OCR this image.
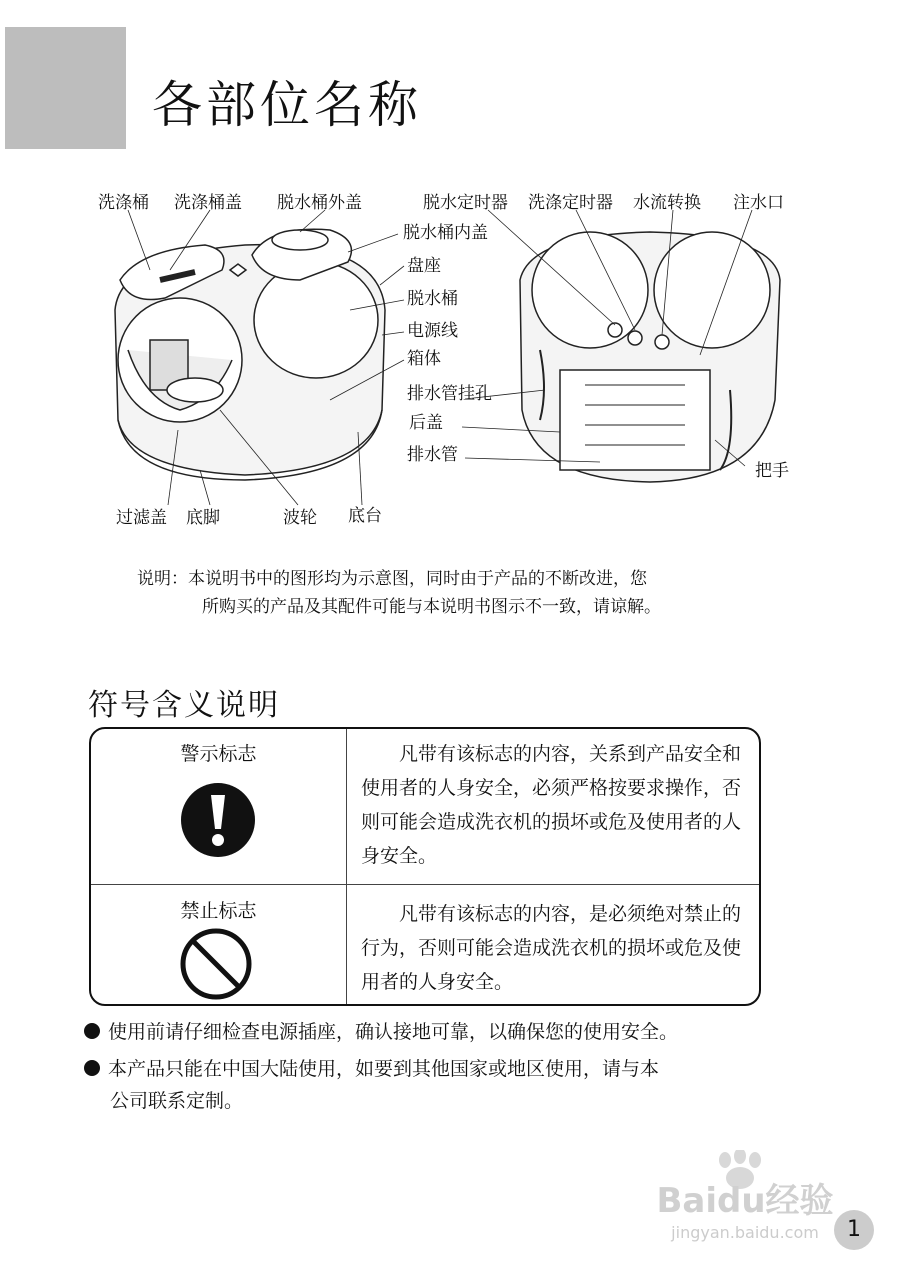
各部位名称
洗涤桶 洗涤桶盖 脱水桶外盖
脱水桶内盖
盘座
脱水桶
电源线
箱体
排水管挂孔
后盖
排水管
过滤盖 底脚	波轮 底台
脱水定时器 洗涤定时器 水流转换 注水口
把手
说明：本说明书中的图形均为示意图，同时由于产品的不断改进，您
所购买的产品及其配件可能与本说明书图示不一致，请谅解。
符号含义说明
警示标志	凡带有该标志的内容，关系到产品安全和使用者的人身安全，必须严格按要求操作，否则可能会造成洗衣机的损坏或危及使用者的人身安全。
禁止标志	凡带有该标志的内容，是必须绝对禁止的行为，否则可能会造成洗衣机的损坏或危及使用者的人身安全。
使用前请仔细检查电源插座，确认接地可靠，以确保您的使用安全。
本产品只能在中国大陆使用，如要到其他国家或地区使用，请与本
公司联系定制。
Baidu经验
jingyan.baidu.com	1
